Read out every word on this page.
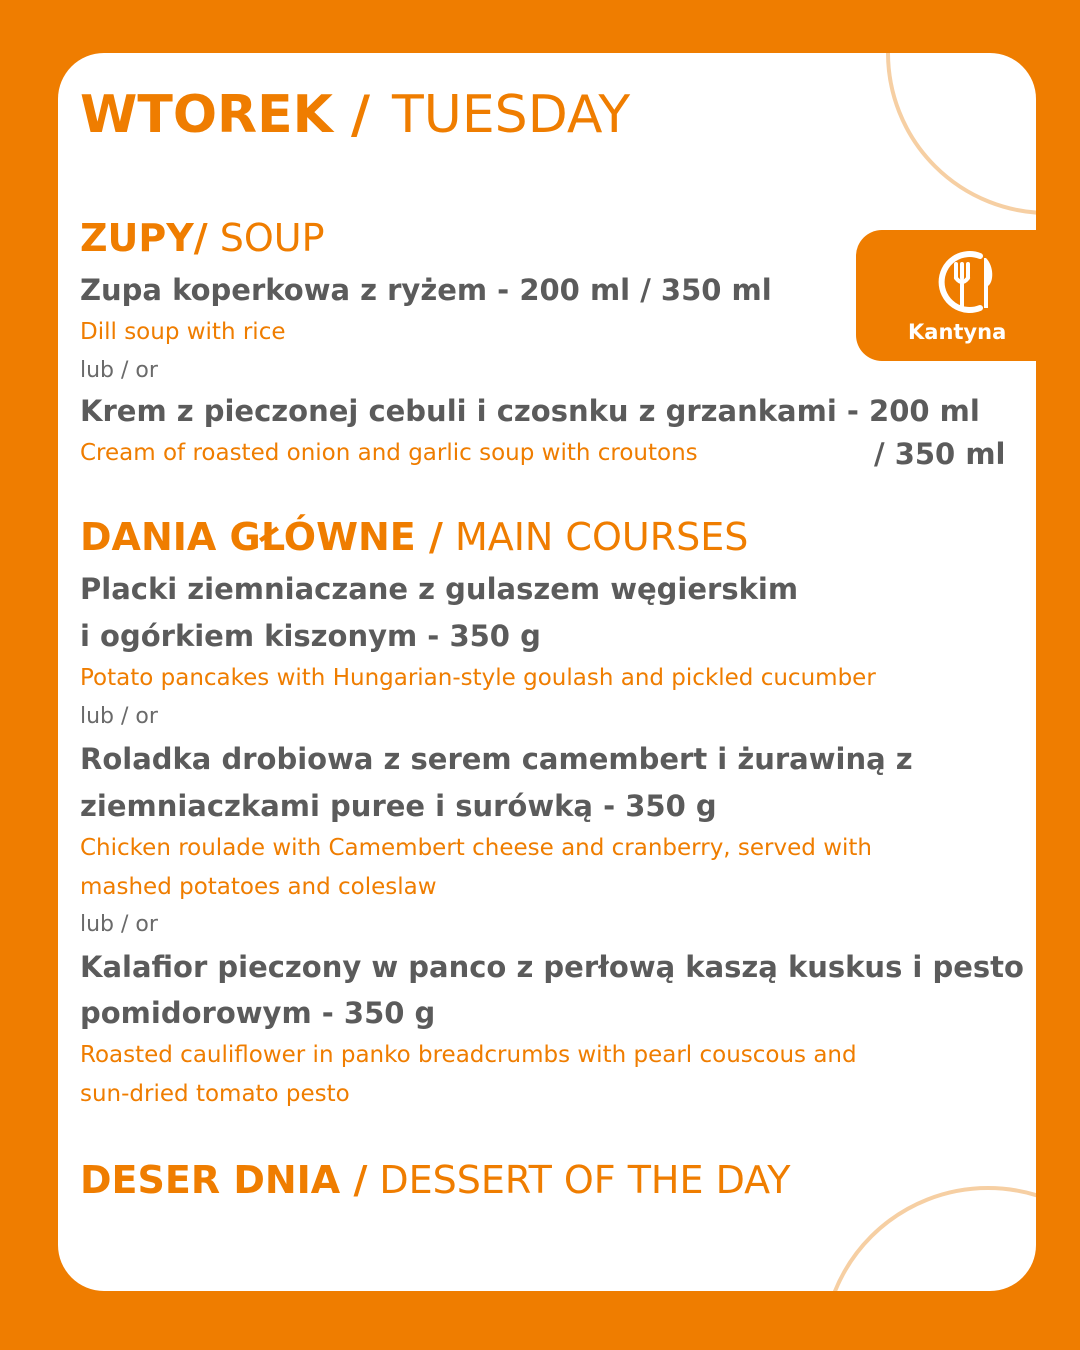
WTOREK / TUESDAY
ZUPY/ SOUP
Zupa koperkowa z ryżem - 200 ml / 350 ml
Dill soup with rice
lub / or
Krem z pieczonej cebuli i czosnku z grzankami - 200 ml
Cream of roasted onion and garlic soup with croutons	/ 350 ml
DANIA GŁÓWNE / MAIN COURSES
Placki ziemniaczane z gulaszem węgierskim
i ogórkiem kiszonym - 350 g
Potato pancakes with Hungarian-style goulash and pickled cucumber
lub / or
Roladka drobiowa z serem camembert i żurawiną z
ziemniaczkami puree i surówką - 350 g
Chicken roulade with Camembert cheese and cranberry, served with
mashed potatoes and coleslaw
lub / or
Kalafior pieczony w panco z perłową kaszą kuskus i pesto
pomidorowym - 350 g
Roasted cauliflower in panko breadcrumbs with pearl couscous and
sun-dried tomato pesto
DESER DNIA / DESSERT OF THE DAY
Kantyna
